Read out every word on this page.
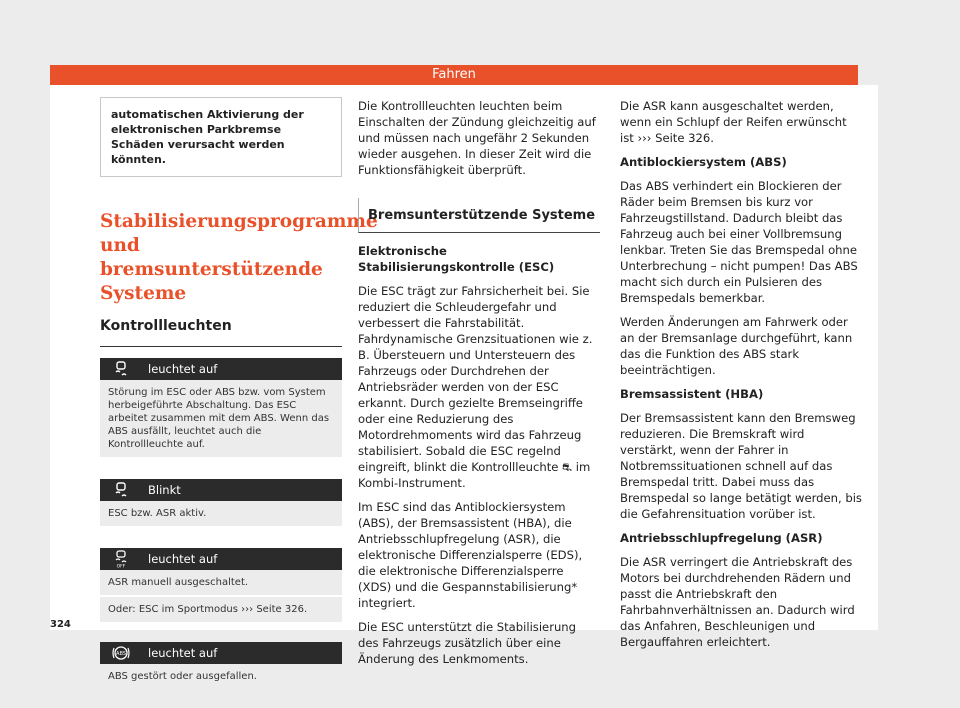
Fahren
automatischen Aktivierung der elektronischen Parkbremse Schäden verursacht werden könnten.
Stabilisierungsprogramme und bremsunterstützende Systeme
Kontrollleuchten
leuchtet auf
Störung im ESC oder ABS bzw. vom System herbeigeführte Abschaltung. Das ESC arbeitet zusammen mit dem ABS. Wenn das ABS ausfällt, leuchtet auch die Kontrollleuchte auf.
Blinkt
ESC bzw. ASR aktiv.
OFF
leuchtet auf
ASR manuell ausgeschaltet.
Oder: ESC im Sportmodus ››› Seite 326.
ABS leuchtet auf
ABS gestört oder ausgefallen.

Die Kontrollleuchten leuchten beim Einschalten der Zündung gleichzeitig auf und müssen nach ungefähr 2 Sekunden wieder ausgehen. In dieser Zeit wird die Funktionsfähigkeit überprüft.

Bremsunterstützende Systeme

Elektronische Stabilisierungskontrolle (ESC)

Die ESC trägt zur Fahrsicherheit bei. Sie reduziert die Schleudergefahr und verbessert die Fahrstabilität. Fahrdynamische Grenzsituationen wie z. B. Übersteuern und Untersteuern des Fahrzeugs oder Durchdrehen der Antriebsräder werden von der ESC erkannt. Durch gezielte Bremseingriffe oder eine Reduzierung des Motordrehmoments wird das Fahrzeug stabilisiert. Sobald die ESC regelnd eingreift, blinkt die Kontrollleuchte ⛐ im Kombi-Instrument.

Im ESC sind das Antiblockiersystem (ABS), der Bremsassistent (HBA), die Antriebsschlupfregelung (ASR), die elektronische Differenzialsperre (EDS), die elektronische Differenzialsperre (XDS) und die Gespannstabilisierung* integriert.

Die ESC unterstützt die Stabilisierung des Fahrzeugs zusätzlich über eine Änderung des Lenkmoments.

Die ASR kann ausgeschaltet werden, wenn ein Schlupf der Reifen erwünscht ist ››› Seite 326.

Antiblockiersystem (ABS)

Das ABS verhindert ein Blockieren der Räder beim Bremsen bis kurz vor Fahrzeugstillstand. Dadurch bleibt das Fahrzeug auch bei einer Vollbremsung lenkbar. Treten Sie das Bremspedal ohne Unterbrechung – nicht pumpen! Das ABS macht sich durch ein Pulsieren des Bremspedals bemerkbar.

Werden Änderungen am Fahrwerk oder an der Bremsanlage durchgeführt, kann das die Funktion des ABS stark beeinträchtigen.

Bremsassistent (HBA)

Der Bremsassistent kann den Bremsweg reduzieren. Die Bremskraft wird verstärkt, wenn der Fahrer in Notbremssituationen schnell auf das Bremspedal tritt. Dabei muss das Bremspedal so lange betätigt werden, bis die Gefahrensituation vorüber ist.

Antriebsschlupfregelung (ASR)

Die ASR verringert die Antriebskraft des Motors bei durchdrehenden Rädern und passt die Antriebskraft den Fahrbahnverhältnissen an. Dadurch wird das Anfahren, Beschleunigen und Bergauffahren erleichtert.

324
